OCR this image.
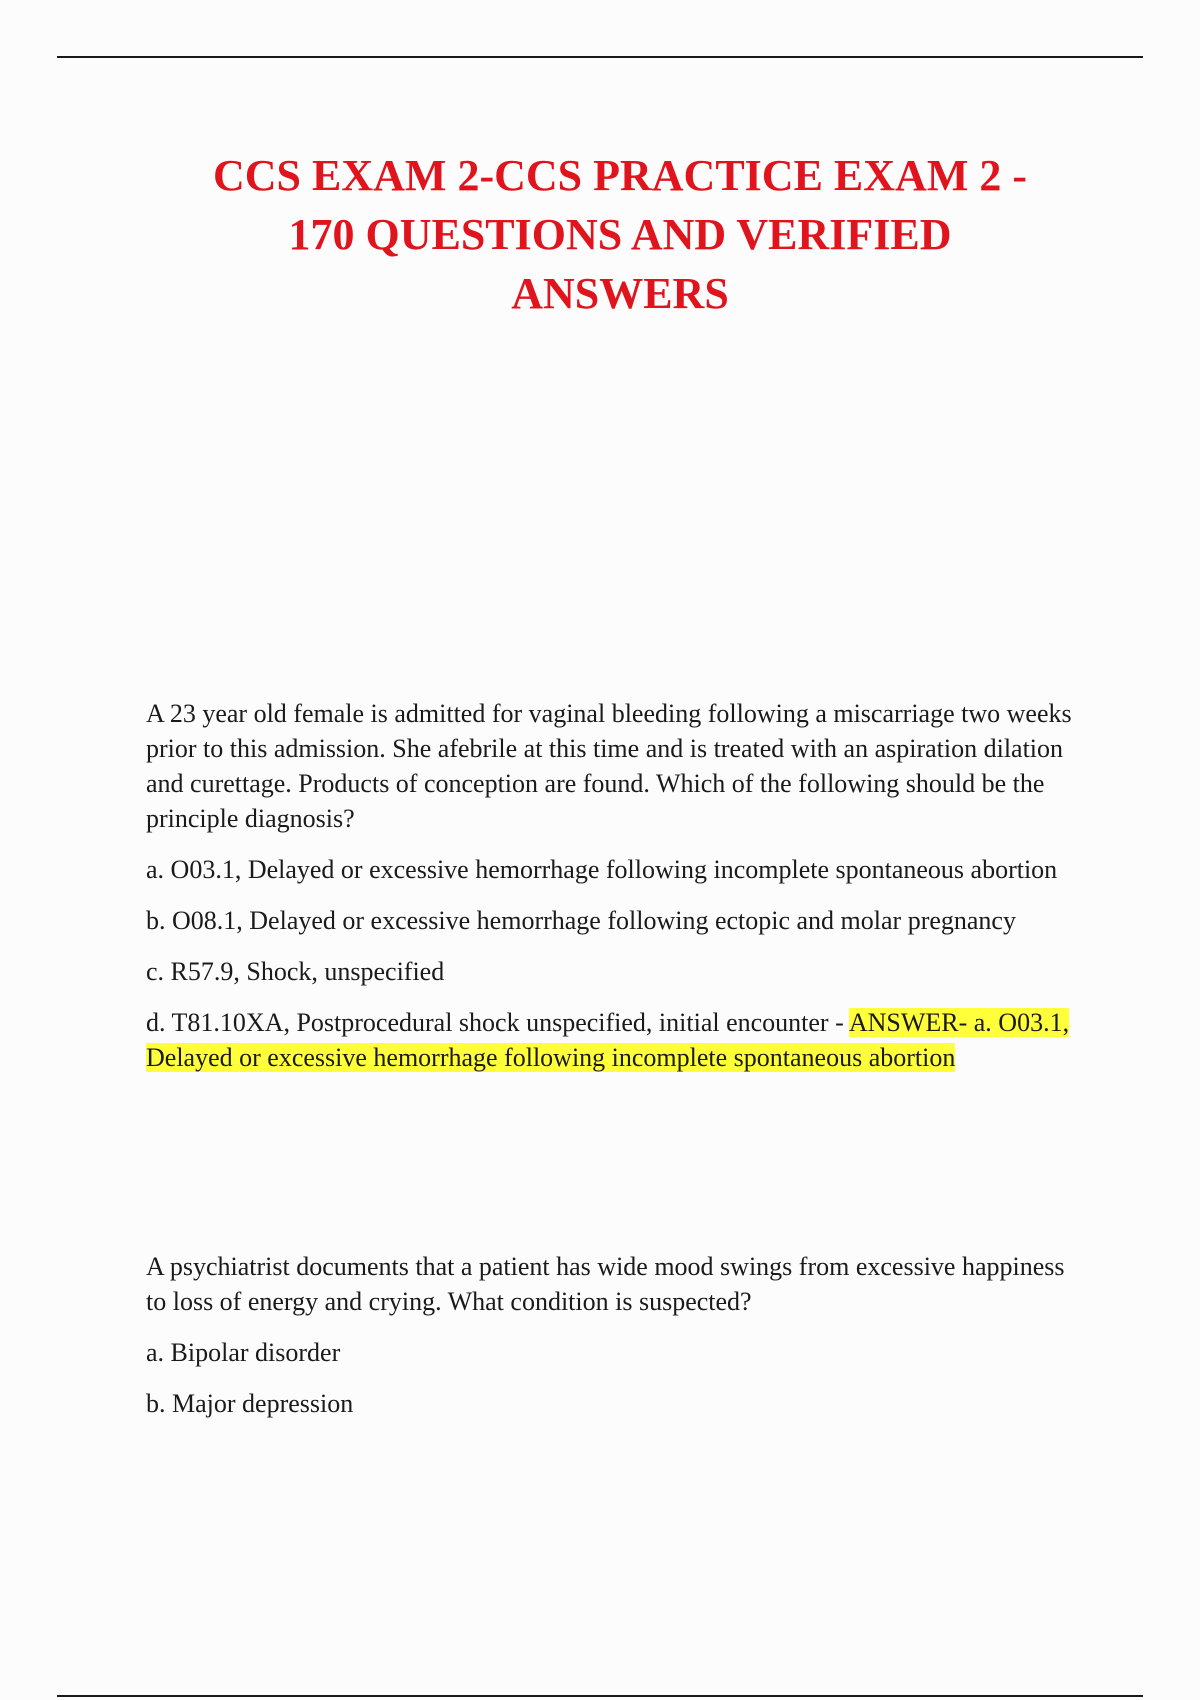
CCS EXAM 2-CCS PRACTICE EXAM 2 -
170 QUESTIONS AND VERIFIED
ANSWERS

A 23 year old female is admitted for vaginal bleeding following a miscarriage two weeks prior to this admission. She afebrile at this time and is treated with an aspiration dilation and curettage. Products of conception are found. Which of the following should be the principle diagnosis?

a. O03.1, Delayed or excessive hemorrhage following incomplete spontaneous abortion

b. O08.1, Delayed or excessive hemorrhage following ectopic and molar pregnancy

c. R57.9, Shock, unspecified

d. T81.10XA, Postprocedural shock unspecified, initial encounter - ANSWER- a. O03.1, Delayed or excessive hemorrhage following incomplete spontaneous abortion

A psychiatrist documents that a patient has wide mood swings from excessive happiness to loss of energy and crying. What condition is suspected?

a. Bipolar disorder

b. Major depression
